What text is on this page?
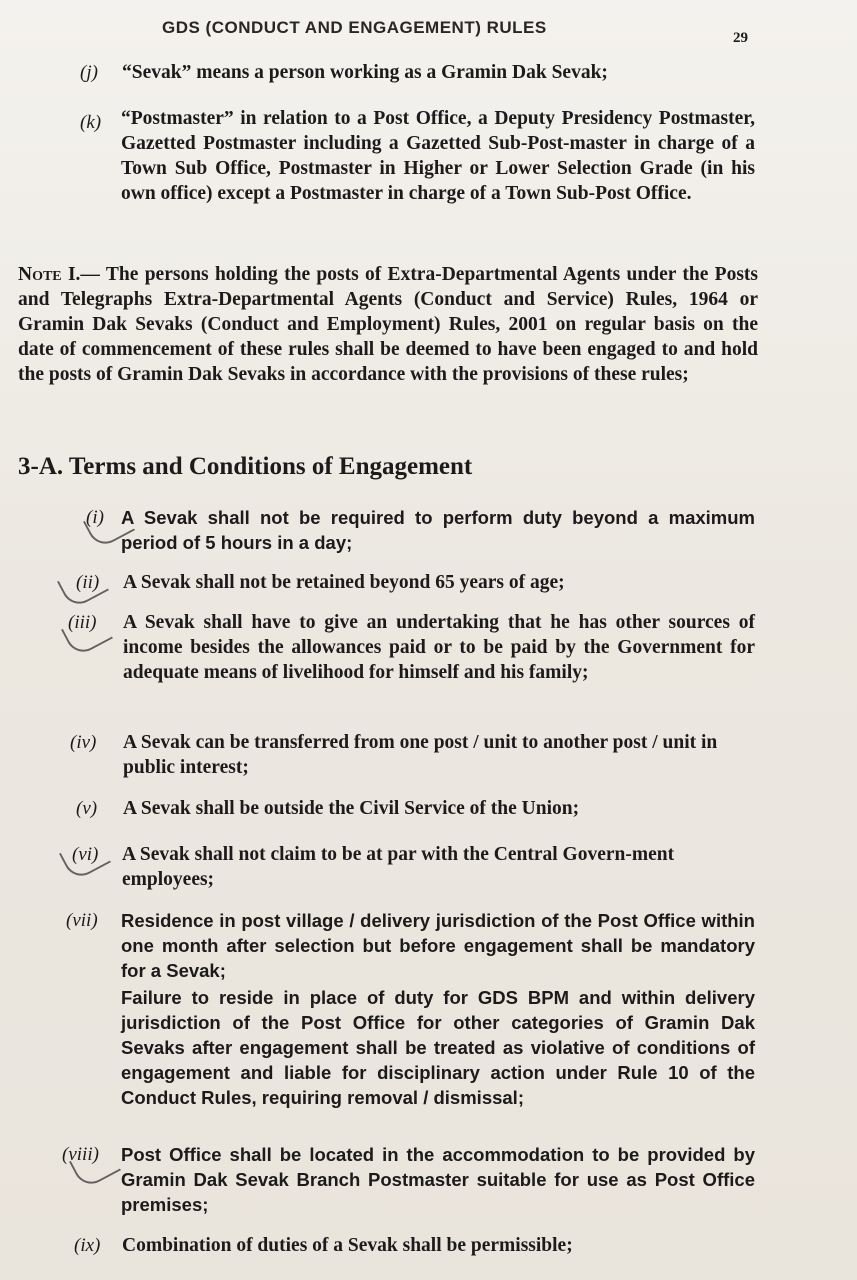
GDS (CONDUCT AND ENGAGEMENT) RULES
29
(j) “Sevak” means a person working as a Gramin Dak Sevak;
(k) “Postmaster” in relation to a Post Office, a Deputy Presidency Postmaster, Gazetted Postmaster including a Gazetted Sub-Post-master in charge of a Town Sub Office, Postmaster in Higher or Lower Selection Grade (in his own office) except a Postmaster in charge of a Town Sub-Post Office.
Note I.— The persons holding the posts of Extra-Departmental Agents under the Posts and Telegraphs Extra-Departmental Agents (Conduct and Service) Rules, 1964 or Gramin Dak Sevaks (Conduct and Employment) Rules, 2001 on regular basis on the date of commencement of these rules shall be deemed to have been engaged to and hold the posts of Gramin Dak Sevaks in accordance with the provisions of these rules;
3-A. Terms and Conditions of Engagement
(i) A Sevak shall not be required to perform duty beyond a maximum period of 5 hours in a day;
(ii) A Sevak shall not be retained beyond 65 years of age;
(iii) A Sevak shall have to give an undertaking that he has other sources of income besides the allowances paid or to be paid by the Government for adequate means of livelihood for himself and his family;
(iv) A Sevak can be transferred from one post / unit to another post / unit in public interest;
(v) A Sevak shall be outside the Civil Service of the Union;
(vi) A Sevak shall not claim to be at par with the Central Govern-ment employees;
(vii) Residence in post village / delivery jurisdiction of the Post Office within one month after selection but before engagement shall be mandatory for a Sevak;
Failure to reside in place of duty for GDS BPM and within delivery jurisdiction of the Post Office for other categories of Gramin Dak Sevaks after engagement shall be treated as violative of conditions of engagement and liable for disciplinary action under Rule 10 of the Conduct Rules, requiring removal / dismissal;
(viii) Post Office shall be located in the accommodation to be provided by Gramin Dak Sevak Branch Postmaster suitable for use as Post Office premises;
(ix) Combination of duties of a Sevak shall be permissible;
